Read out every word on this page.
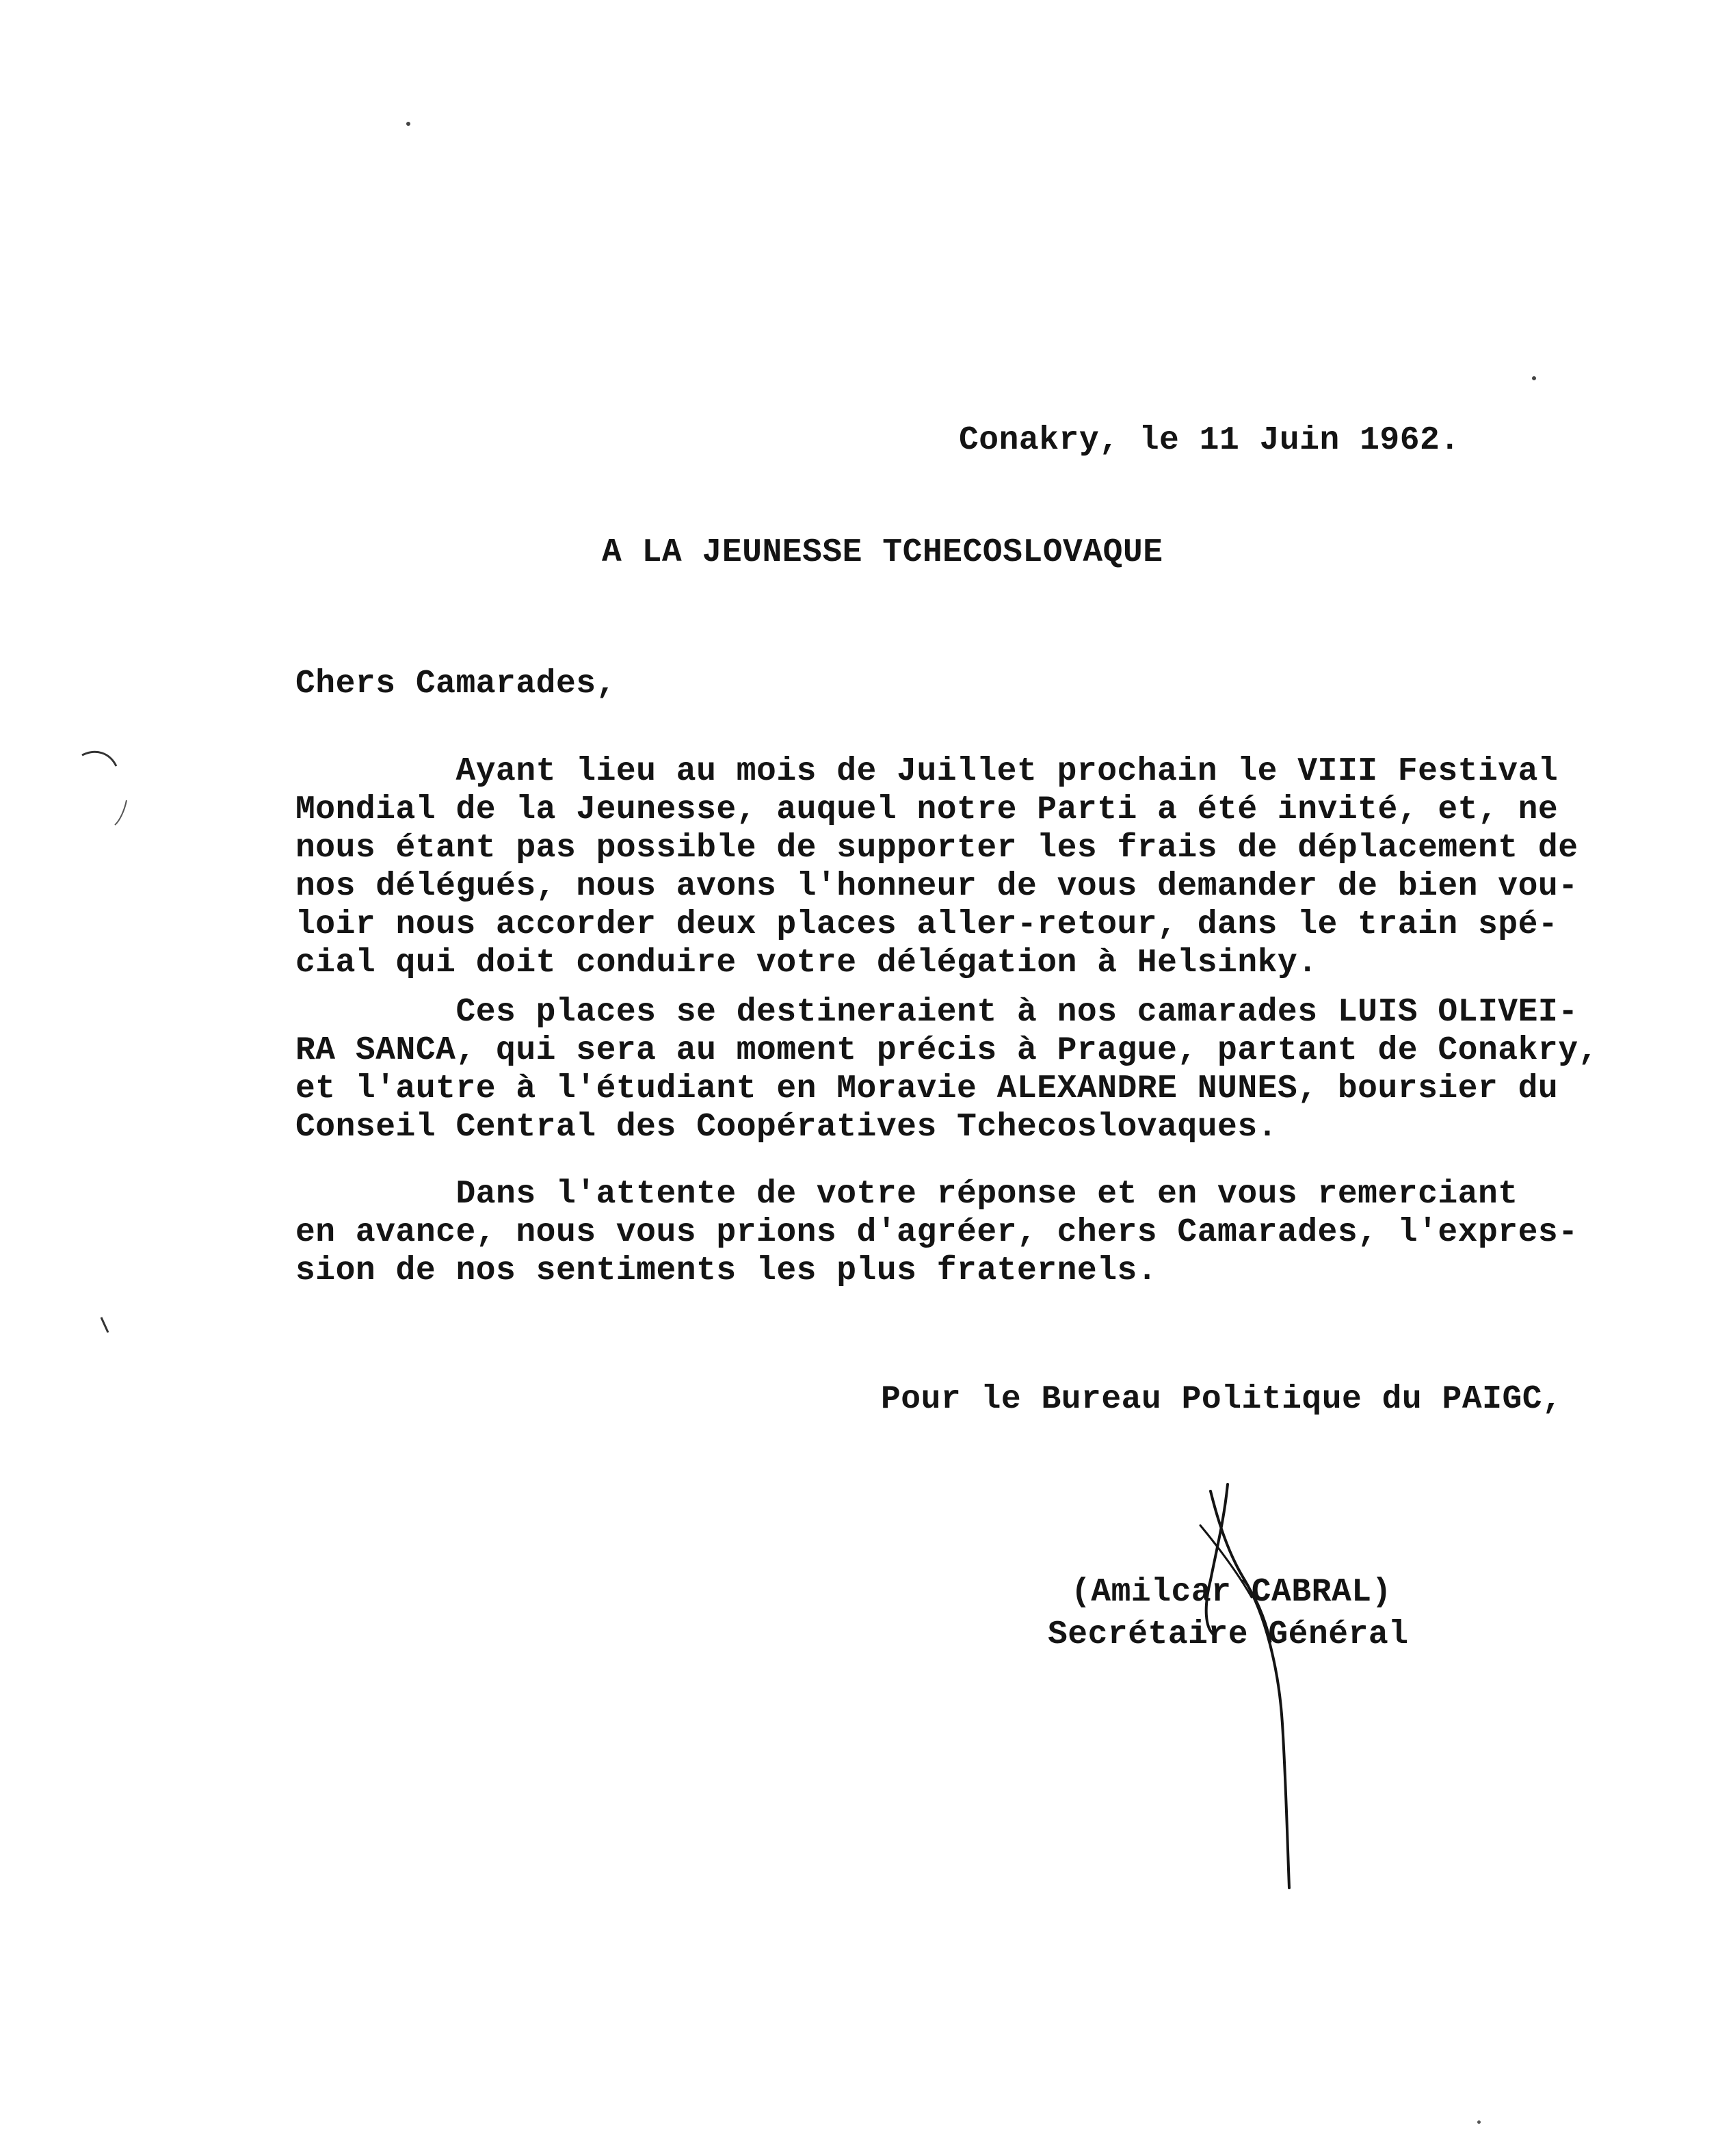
Conakry, le 11 Juin 1962.
A LA JEUNESSE TCHECOSLOVAQUE
Chers Camarades,
Ayant lieu au mois de Juillet prochain le VIII Festival
Mondial de la Jeunesse, auquel notre Parti a été invité, et, ne
nous étant pas possible de supporter les frais de déplacement de
nos délégués, nous avons l'honneur de vous demander de bien vou-
loir nous accorder deux places aller-retour, dans le train spé-
cial qui doit conduire votre délégation à Helsinky.
Ces places se destineraient à nos camarades LUIS OLIVEI-
RA SANCA, qui sera au moment précis à Prague, partant de Conakry,
et l'autre à l'étudiant en Moravie ALEXANDRE NUNES, boursier du
Conseil Central des Coopératives Tchecoslovaques.
Dans l'attente de votre réponse et en vous remerciant
en avance, nous vous prions d'agréer, chers Camarades, l'expres-
sion de nos sentiments les plus fraternels.
Pour le Bureau Politique du PAIGC,
(Amilcar CABRAL)
Secrétaire Général
